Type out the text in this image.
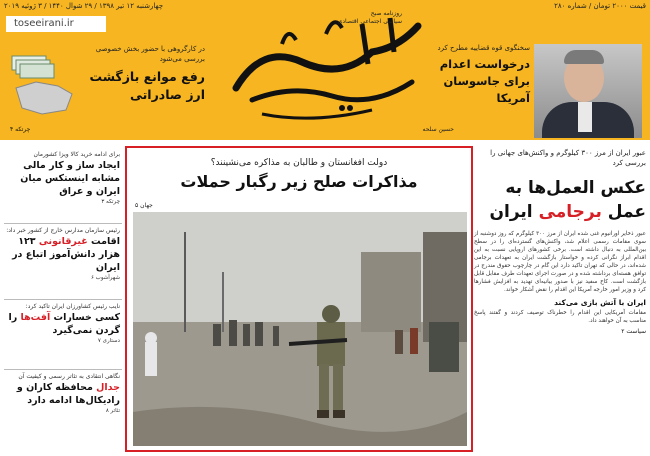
قیمت ۲۰۰۰ تومان / شماره ۲۸۰
چهارشنبه ۱۲ تیر ۱۳۹۸ / ۲۹ شوال ۱۴۴۰ / ۳ ژوئیه ۲۰۱۹
toseeirani.ir
توسعه ایرانی
روزنامه صبح
سیاسی اجتماعی اقتصادی
سخنگوی قوه قضاییه مطرح کرد
درخواست اعدام برای جاسوسان آمریکا
حسین سلحه
در کارگروهی با حضور بخش خصوصی بررسی می‌شود
رفع موانع بازگشت ارز صادراتی
چرتکه ۴
برای ادامه خرید کالا ویزا کشورمان
ایجاد ساز و کار مالی مشابه اینستکس میان ایران و عراق
چرتکه ۳
رئیس سازمان مدارس خارج از کشور خبر داد:
اقامت غیرقانونی ۱۲۳ هزار دانش‌آموز اتباع در ایران
شهرآشوب ۶
نایب رئیس کشاورزان ایران تاکید کرد:
کسی خسارات آفت‌ها را گردن نمی‌گیرد
دستاری ۷
نگاهی انتقادی به تئاتر رسمی و کیفیت آن
جدال محافظه کاران و رادیکال‌ها ادامه دارد
تئاتر ۸
دولت افغانستان و طالبان به مذاکره می‌نشینند؟
مذاکرات صلح زیر رگبار حملات
جهان ۵
عبور ایران از مرز ۳۰۰ کیلوگرم و واکنش‌های جهانی را بررسی کرد
عکس العمل‌ها به
عمل برجامی ایران
عبور ذخایر اورانیوم غنی شده ایران از مرز ۳۰۰ کیلوگرم که روز دوشنبه از سوی مقامات رسمی اعلام شد، واکنش‌های گسترده‌ای را در سطح بین‌المللی به دنبال داشته است. برخی کشورهای اروپایی نسبت به این اقدام ابراز نگرانی کرده و خواستار بازگشت ایران به تعهدات برجامی شده‌اند، در حالی که تهران تاکید دارد این گام در چارچوب حقوق مندرج در توافق هسته‌ای برداشته شده و در صورت اجرای تعهدات طرف مقابل قابل بازگشت است. کاخ سفید نیز با صدور بیانیه‌ای تهدید به افزایش فشارها کرد و وزیر امور خارجه آمریکا این اقدام را نقض آشکار خواند.
ایران با آتش بازی می‌کند
مقامات آمریکایی این اقدام را خطرناک توصیف کردند و گفتند پاسخ مناسب به آن خواهند داد.
سیاست ۲
